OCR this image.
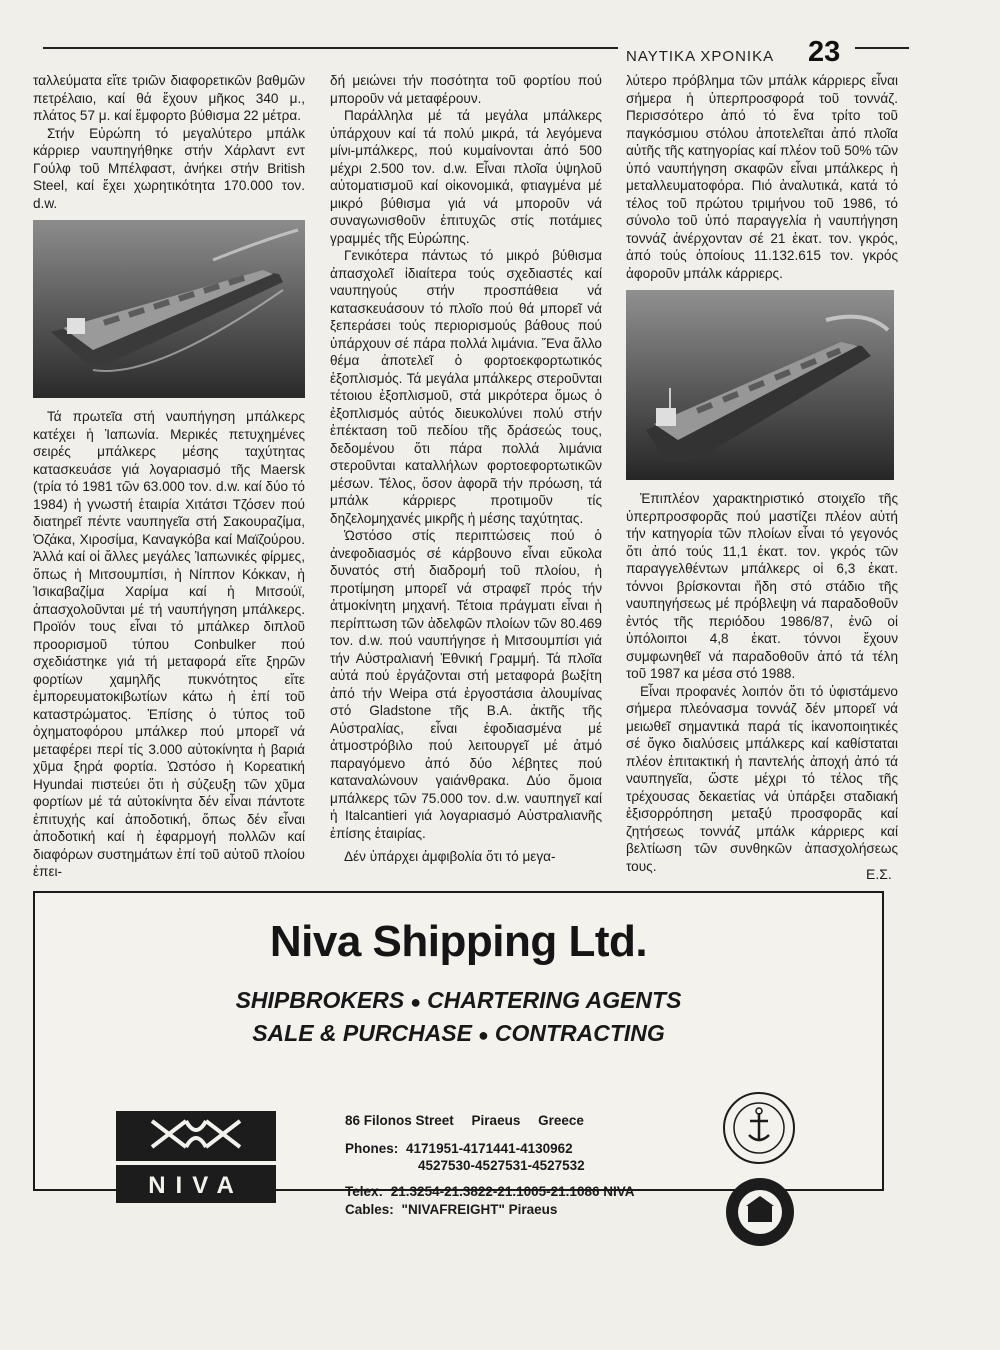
ΝΑΥΤΙΚΑ ΧΡΟΝΙΚΑ 23

ταλλεύματα εἴτε τριῶν διαφορετικῶν βαθμῶν πετρέλαιο, καί θά ἔχουν μῆκος 340 μ., πλάτος 57 μ. καί ἔμφορτο βύθισμα 22 μέτρα.

Στήν Εὐρώπη τό μεγαλύτερο μπάλκ κάρριερ ναυπηγήθηκε στήν Χάρλαντ εντ Γούλφ τοῦ Μπέλφαστ, ἀνήκει στήν British Steel, καί ἔχει χωρητικότητα 170.000 τον. d.w.

Τά πρωτεῖα στή ναυπήγηση μπάλκερς κατέχει ἡ Ἰαπωνία. Μερικές πετυχημένες σειρές μπάλκερς μέσης ταχύτητας κατασκευάσε γιά λογαριασμό τῆς Maersk (τρία τό 1981 τῶν 63.000 τον. d.w. καί δύο τό 1984) ἡ γνωστή ἑταιρία Χιτάτσι Τζόσεν πού διατηρεῖ πέντε ναυπηγεῖα στή Σακουραζίμα, Ὀζάκα, Χιροσίμα, Καναγκόβα καί Μαϊζούρου. Ἀλλά καί οἱ ἄλλες μεγάλες Ἰαπωνικές φίρμες, ὅπως ἡ Μιτσουμπίσι, ἡ Νίππον Κόκκαν, ἡ Ἰσικαβαζίμα Χαρίμα καί ἡ Μιτσούϊ, ἀπασχολοῦνται μέ τή ναυπήγηση μπάλκερς. Προϊόν τους εἶναι τό μπάλκερ διπλοῦ προορισμοῦ τύπου Conbulker πού σχεδιάστηκε γιά τή μεταφορά εἴτε ξηρῶν φορτίων χαμηλῆς πυκνότητος εἴτε ἐμπορευματοκιβωτίων κάτω ἡ ἐπί τοῦ καταστρώματος. Ἐπίσης ὁ τύπος τοῦ ὀχηματοφόρου μπάλκερ πού μπορεῖ νά μεταφέρει περί τίς 3.000 αὐτοκίνητα ἡ βαριά χῦμα ξηρά φορτία. Ὡστόσο ἡ Κορεατική Hyundai πιστεύει ὅτι ἡ σύζευξη τῶν χῦμα φορτίων μέ τά αὐτοκίνητα δέν εἶναι πάντοτε ἐπιτυχής καί ἀποδοτική, ὅπως δέν εἶναι ἀποδοτική καί ἡ ἐφαρμογή πολλῶν καί διαφόρων συστημάτων ἐπί τοῦ αὐτοῦ πλοίου ἐπει-

δή μειώνει τήν ποσότητα τοῦ φορτίου πού μποροῦν νά μεταφέρουν.

Παράλληλα μέ τά μεγάλα μπάλκερς ὑπάρχουν καί τά πολύ μικρά, τά λεγόμενα μίνι-μπάλκερς, πού κυμαίνονται ἀπό 500 μέχρι 2.500 τον. d.w. Εἶναι πλοῖα ὑψηλοῦ αὐτοματισμοῦ καί οἰκονομικά, φτιαγμένα μέ μικρό βύθισμα γιά νά μποροῦν νά συναγωνισθοῦν ἐπιτυχῶς στίς ποτάμιες γραμμές τῆς Εὐρώπης.

Γενικότερα πάντως τό μικρό βύθισμα ἀπασχολεῖ ἰδιαίτερα τούς σχεδιαστές καί ναυπηγούς στήν προσπάθεια νά κατασκευάσουν τό πλοῖο πού θά μπορεῖ νά ξεπεράσει τούς περιορισμούς βάθους πού ὑπάρχουν σέ πάρα πολλά λιμάνια. Ἕνα ἄλλο θέμα ἀποτελεῖ ὁ φορτοεκφορτωτικός ἐξοπλισμός. Τά μεγάλα μπάλκερς στεροῦνται τέτοιου ἐξοπλισμοῦ, στά μικρότερα ὅμως ὁ ἐξοπλισμός αὐτός διευκολύνει πολύ στήν ἐπέκταση τοῦ πεδίου τῆς δράσεώς τους, δεδομένου ὅτι πάρα πολλά λιμάνια στεροῦνται καταλλήλων φορτοεφορτωτικῶν μέσων. Τέλος, ὅσον ἀφορᾶ τήν πρόωση, τά μπάλκ κάρριερς προτιμοῦν τίς δηζελομηχανές μικρῆς ἡ μέσης ταχύτητας.

Ὡστόσο στίς περιπτώσεις πού ὁ ἀνεφοδιασμός σέ κάρβουνο εἶναι εὔκολα δυνατός στή διαδρομή τοῦ πλοίου, ἡ προτίμηση μπορεῖ νά στραφεῖ πρός τήν ἀτμοκίνητη μηχανή. Τέτοια πράγματι εἶναι ἡ περίπτωση τῶν ἀδελφῶν πλοίων τῶν 80.469 τον. d.w. πού ναυπήγησε ἡ Μιτσουμπίσι γιά τήν Αὐστραλιανή Ἐθνική Γραμμή. Τά πλοῖα αὐτά πού ἐργάζονται στή μεταφορά βωξίτη ἀπό τήν Weipa στά ἐργοστάσια ἀλουμίνας στό Gladstone τῆς Β.Α. ἀκτῆς τῆς Αὐστραλίας, εἶναι ἐφοδιασμένα μέ ἀτμοστρόβιλο πού λειτουργεῖ μέ ἀτμό παραγόμενο ἀπό δύο λέβητες πού καταναλώνουν γαιάνθρακα. Δύο ὅμοια μπάλκερς τῶν 75.000 τον. d.w. ναυπηγεῖ καί ἡ Italcantieri γιά λογαριασμό Αὐστραλιανῆς ἐπίσης ἑταιρίας.

Δέν ὑπάρχει ἀμφιβολία ὅτι τό μεγα-

λύτερο πρόβλημα τῶν μπάλκ κάρριερς εἶναι σήμερα ἡ ὑπερπροσφορά τοῦ τοννάζ. Περισσότερο ἀπό τό ἕνα τρίτο τοῦ παγκόσμιου στόλου ἀποτελεῖται ἀπό πλοῖα αὐτῆς τῆς κατηγορίας καί πλέον τοῦ 50% τῶν ὑπό ναυπήγηση σκαφῶν εἶναι μπάλκερς ἡ μεταλλευματοφόρα. Πιό ἀναλυτικά, κατά τό τέλος τοῦ πρώτου τριμήνου τοῦ 1986, τό σύνολο τοῦ ὑπό παραγγελία ἡ ναυπήγηση τοννάζ ἀνέρχονταν σέ 21 ἑκατ. τον. γκρός, ἀπό τούς ὁποίους 11.132.615 τον. γκρός ἀφοροῦν μπάλκ κάρριερς.

Ἐπιπλέον χαρακτηριστικό στοιχεῖο τῆς ὑπερπροσφορᾶς πού μαστίζει πλέον αὐτή τήν κατηγορία τῶν πλοίων εἶναι τό γεγονός ὅτι ἀπό τούς 11,1 ἑκατ. τον. γκρός τῶν παραγγελθέντων μπάλκερς οἱ 6,3 ἑκατ. τόννοι βρίσκονται ἤδη στό στάδιο τῆς ναυπηγήσεως μέ πρόβλεψη νά παραδοθοῦν ἐντός τῆς περιόδου 1986/87, ἐνῶ οἱ ὑπόλοιποι 4,8 ἑκατ. τόννοι ἔχουν συμφωνηθεῖ νά παραδοθοῦν ἀπό τά τέλη τοῦ 1987 κα μέσα στό 1988.

Εἶναι προφανές λοιπόν ὅτι τό ὑφιστάμενο σήμερα πλεόνασμα τοννάζ δέν μπορεῖ νά μειωθεῖ σημαντικά παρά τίς ἱκανοποιητικές σέ ὄγκο διαλύσεις μπάλκερς καί καθίσταται πλέον ἐπιτακτική ἡ παντελής ἀποχή ἀπό τά ναυπηγεῖα, ὥστε μέχρι τό τέλος τῆς τρέχουσας δεκαετίας νά ὑπάρξει σταδιακή ἐξισορρόπηση μεταξύ προσφορᾶς καί ζητήσεως τοννάζ μπάλκ κάρριερς καί βελτίωση τῶν συνθηκῶν ἀπασχολήσεως τους.	Ε.Σ.
Niva Shipping Ltd.
SHIPBROKERS ● CHARTERING AGENTS
SALE & PURCHASE ● CONTRACTING
NIVA
86 Filonos Street Piraeus Greece
Phones: 4171951-4171441-4130962
4527530-4527531-4527532
Telex: 21.3254-21.3822-21.1005-21.1086 NIVA
Cables: "NIVAFREIGHT" Piraeus
